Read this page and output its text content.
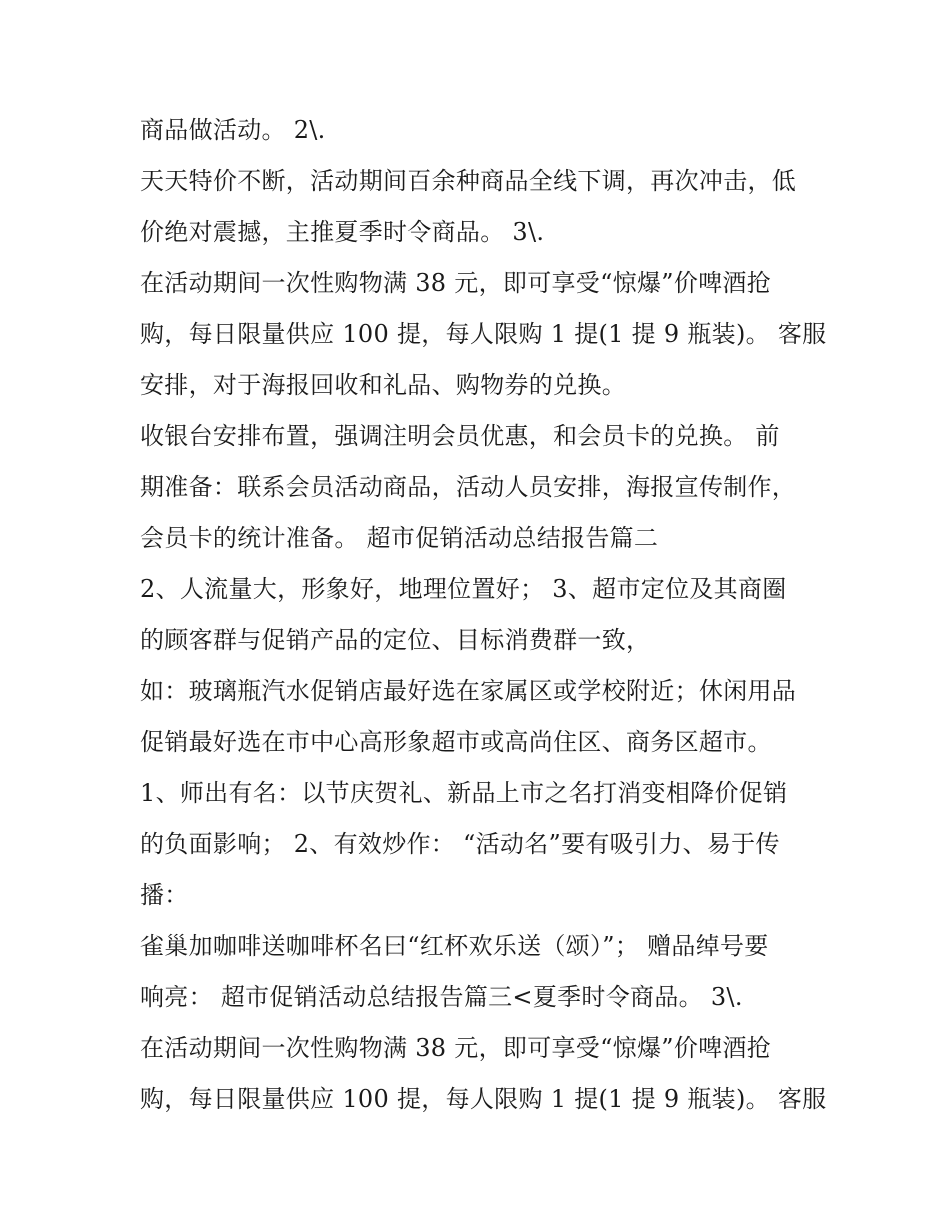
商品做活动。 2\.
天天特价不断，活动期间百余种商品全线下调，再次冲击，低
价绝对震撼，主推夏季时令商品。 3\.
在活动期间一次性购物满 38 元，即可享受“惊爆”价啤酒抢
购，每日限量供应 100 提，每人限购 1 提(1 提 9 瓶装)。 客服
安排，对于海报回收和礼品、购物券的兑换。
收银台安排布置，强调注明会员优惠，和会员卡的兑换。 前
期准备：联系会员活动商品，活动人员安排，海报宣传制作，
会员卡的统计准备。 超市促销活动总结报告篇二
2、人流量大，形象好，地理位置好； 3、超市定位及其商圈
的顾客群与促销产品的定位、目标消费群一致，
如：玻璃瓶汽水促销店最好选在家属区或学校附近；休闲用品
促销最好选在市中心高形象超市或高尚住区、商务区超市。
1、师出有名：以节庆贺礼、新品上市之名打消变相降价促销
的负面影响； 2、有效炒作： “活动名”要有吸引力、易于传
播：
雀巢加咖啡送咖啡杯名曰“红杯欢乐送（颂）”； 赠品绰号要
响亮： 超市促销活动总结报告篇三<夏季时令商品。 3\.
在活动期间一次性购物满 38 元，即可享受“惊爆”价啤酒抢
购，每日限量供应 100 提，每人限购 1 提(1 提 9 瓶装)。 客服
